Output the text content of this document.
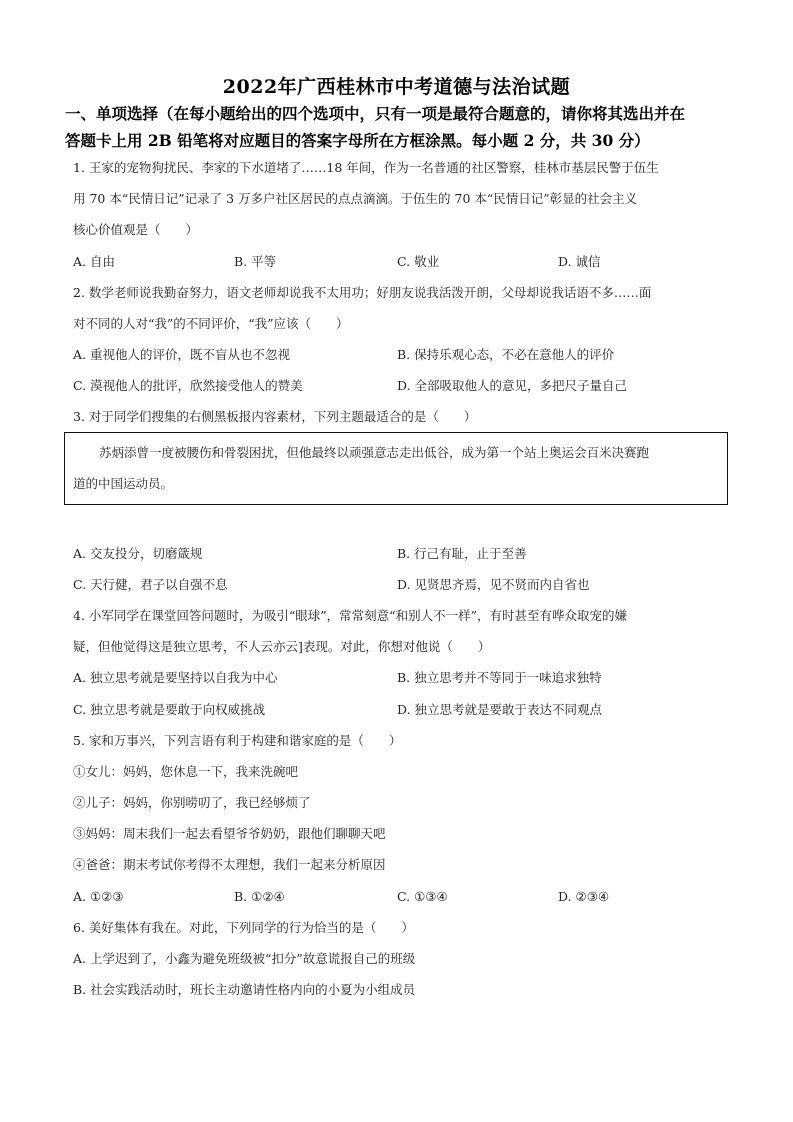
2022年广西桂林市中考道德与法治试题
一、单项选择（在每小题给出的四个选项中，只有一项是最符合题意的，请你将其选出并在
答题卡上用 2B 铅笔将对应题目的答案字母所在方框涂黑。每小题 2 分，共 30 分）
1. 王家的宠物狗扰民、李家的下水道堵了……18 年间，作为一名普通的社区警察，桂林市基层民警于伍生
用 70 本“民情日记”记录了 3 万多户社区居民的点点滴滴。于伍生的 70 本“民情日记”彰显的社会主义
核心价值观是（　　）
A. 自由	B. 平等	C. 敬业	D. 诚信
2. 数学老师说我勤奋努力，语文老师却说我不太用功；好朋友说我活泼开朗，父母却说我话语不多……面
对不同的人对“我”的不同评价，“我”应该（　　）
A. 重视他人的评价，既不盲从也不忽视	B. 保持乐观心态，不必在意他人的评价
C. 漠视他人的批评，欣然接受他人的赞美	D. 全部吸取他人的意见，多把尺子量自己
3. 对于同学们搜集的右侧黑板报内容素材，下列主题最适合的是（　　）
苏炳添曾一度被腰伤和骨裂困扰，但他最终以顽强意志走出低谷，成为第一个站上奥运会百米决赛跑
道的中国运动员。
A. 交友投分，切磨箴规	B. 行己有耻，止于至善
C. 天行健，君子以自强不息	D. 见贤思齐焉，见不贤而内自省也
4. 小军同学在课堂回答问题时，为吸引“眼球”，常常刻意“和别人不一样”，有时甚至有哗众取宠的嫌
疑，但他觉得这是独立思考，不人云亦云]表现。对此，你想对他说（　　）
A. 独立思考就是要坚持以自我为中心	B. 独立思考并不等同于一味追求独特
C. 独立思考就是要敢于向权威挑战	D. 独立思考就是要敢于表达不同观点
5. 家和万事兴，下列言语有利于构建和谐家庭的是（　　）
①女儿：妈妈，您休息一下，我来洗碗吧
②儿子：妈妈，你别唠叨了，我已经够烦了
③妈妈：周末我们一起去看望爷爷奶奶，跟他们聊聊天吧
④爸爸：期末考试你考得不太理想，我们一起来分析原因
A. ①②③	B. ①②④	C. ①③④	D. ②③④
6. 美好集体有我在。对此，下列同学的行为恰当的是（　　）
A. 上学迟到了，小鑫为避免班级被“扣分”故意谎报自己的班级
B. 社会实践活动时，班长主动邀请性格内向的小夏为小组成员
